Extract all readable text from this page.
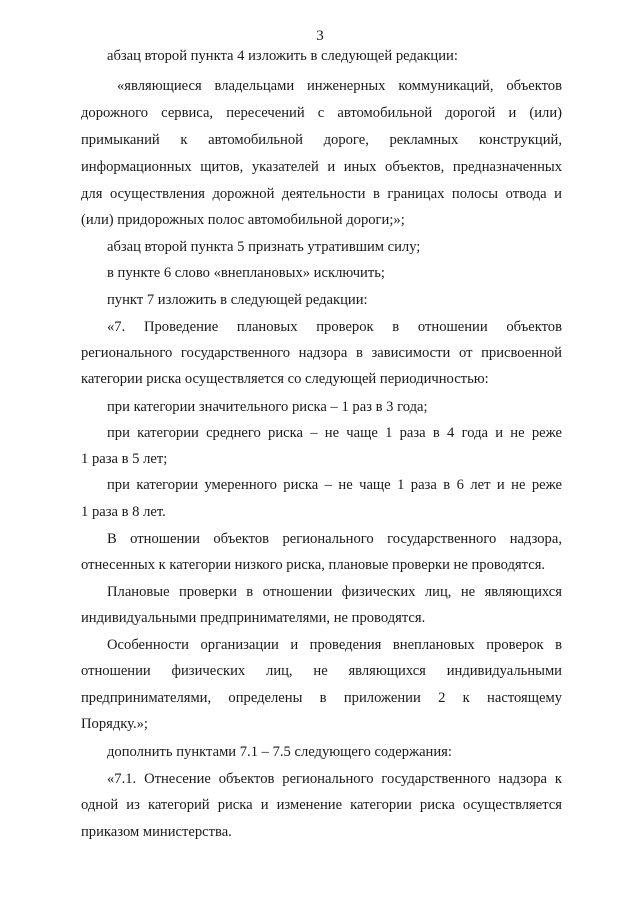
3
абзац второй пункта 4 изложить в следующей редакции:
«являющиеся владельцами инженерных коммуникаций, объектов
дорожного сервиса, пересечений с автомобильной дорогой и (или)
примыканий к автомобильной дороге, рекламных конструкций,
информационных щитов, указателей и иных объектов, предназначенных
для осуществления дорожной деятельности в границах полосы отвода и
(или) придорожных полос автомобильной дороги;»;
абзац второй пункта 5 признать утратившим силу;
в пункте 6 слово «внеплановых» исключить;
пункт 7 изложить в следующей редакции:
«7. Проведение плановых проверок в отношении объектов
регионального государственного надзора в зависимости от присвоенной
категории риска осуществляется со следующей периодичностью:
при категории значительного риска – 1 раз в 3 года;
при категории среднего риска – не чаще 1 раза в 4 года и не реже
1 раза в 5 лет;
при категории умеренного риска – не чаще 1 раза в 6 лет и не реже
1 раза в 8 лет.
В отношении объектов регионального государственного надзора,
отнесенных к категории низкого риска, плановые проверки не проводятся.
Плановые проверки в отношении физических лиц, не являющихся
индивидуальными предпринимателями, не проводятся.
Особенности организации и проведения внеплановых проверок в
отношении физических лиц, не являющихся индивидуальными
предпринимателями, определены в приложении 2 к настоящему
Порядку.»;
дополнить пунктами 7.1 – 7.5 следующего содержания:
«7.1. Отнесение объектов регионального государственного надзора к
одной из категорий риска и изменение категории риска осуществляется
приказом министерства.
